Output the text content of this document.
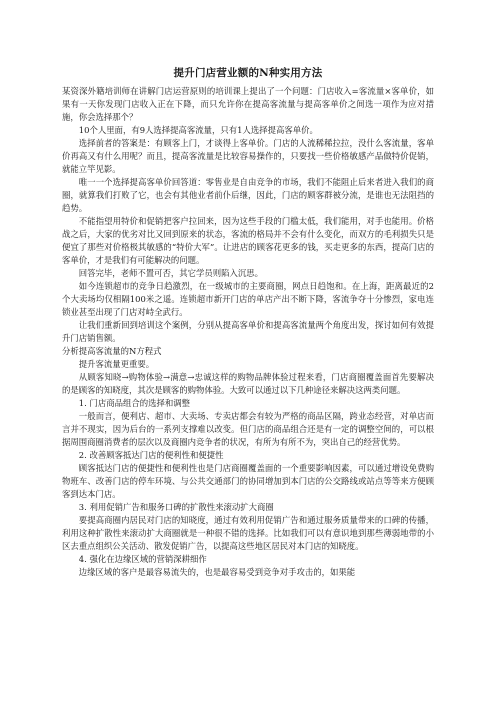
提升门店营业额的N种实用方法

某资深外籍培训师在讲解门店运营原则的培训课上提出了一个问题：门店收入=客流量×客单价，如果有一天你发现门店收入正在下降，而只允许你在提高客流量与提高客单价之间选一项作为应对措施，你会选择那个？

10个人里面，有9人选择提高客流量，只有1人选择提高客单价。

选择前者的答案是：有顾客上门，才谈得上客单价。门店的人流稀稀拉拉，没什么客流量，客单价再高又有什么用呢？而且，提高客流量是比较容易操作的，只要找一些价格敏感产品做特价促销，就能立竿见影。

唯一一个选择提高客单价回答道：零售业是自由竞争的市场，我们不能阻止后来者进入我们的商圈，就算我们打败了它，也会有其他业者前仆后继，因此，门店的顾客群被分流，是谁也无法阻挡的趋势。

不能指望用特价和促销把客户拉回来，因为这些手段的门槛太低，我们能用，对手也能用。价格战之后，大家的优劣对比又回到原来的状态，客流的格局并不会有什么变化，而双方的毛利损失只是便宜了那些对价格极其敏感的“特价大军”。让进店的顾客花更多的钱，买走更多的东西，提高门店的客单价，才是我们有可能解决的问题。

回答完毕，老师不置可否，其它学员则陷入沉思。

如今连锁超市的竞争日趋激烈，在一级城市的主要商圈，网点日趋饱和。在上海，距离最近的2个大卖场均仅相隔100米之遥。连锁超市新开门店的单店产出不断下降，客流争夺十分惨烈，家电连锁业甚至出现了门店对峙全武行。

让我们重新回到培训这个案例，分别从提高客单价和提高客流量两个角度出发，探讨如何有效提升门店销售额。

分析提高客流量的N方程式

提升客流量更重要。

从顾客知晓→购物体验→满意→忠诚这样的购物品牌体验过程来看，门店商圈覆盖面首先要解决的是顾客的知晓度，其次是顾客的购物体验。大致可以通过以下几种途径来解决这两类问题。

1. 门店商品组合的选择和调整

一般而言，便利店、超市、大卖场、专卖店都会有较为严格的商品区隔，跨业态经营，对单店而言并不现实，因为后台的一系列支撑难以改变。但门店的商品组合还是有一定的调整空间的，可以根据周围商圈消费者的层次以及商圈内竞争者的状况，有所为有所不为，突出自己的经营优势。

2. 改善顾客抵达门店的便利性和便捷性

顾客抵达门店的便捷性和便利性也是门店商圈覆盖面的一个重要影响因素，可以通过增设免费购物班车、改善门店的停车环境、与公共交通部门的协同增加到本门店的公交路线或站点等等来方便顾客到达本门店。

3. 利用促销广告和服务口碑的扩散性来滚动扩大商圈

要提高商圈内居民对门店的知晓度，通过有效利用促销广告和通过服务质量带来的口碑的传播，利用这种扩散性来滚动扩大商圈就是一种很不错的选择。比如我们可以有意识地到那些薄弱地带的小区去重点组织公关活动、散发促销广告，以提高这些地区居民对本门店的知晓度。

4. 强化在边缘区域的营销深耕细作

边缘区域的客户是最容易流失的，也是最容易受到竞争对手攻击的，如果能
